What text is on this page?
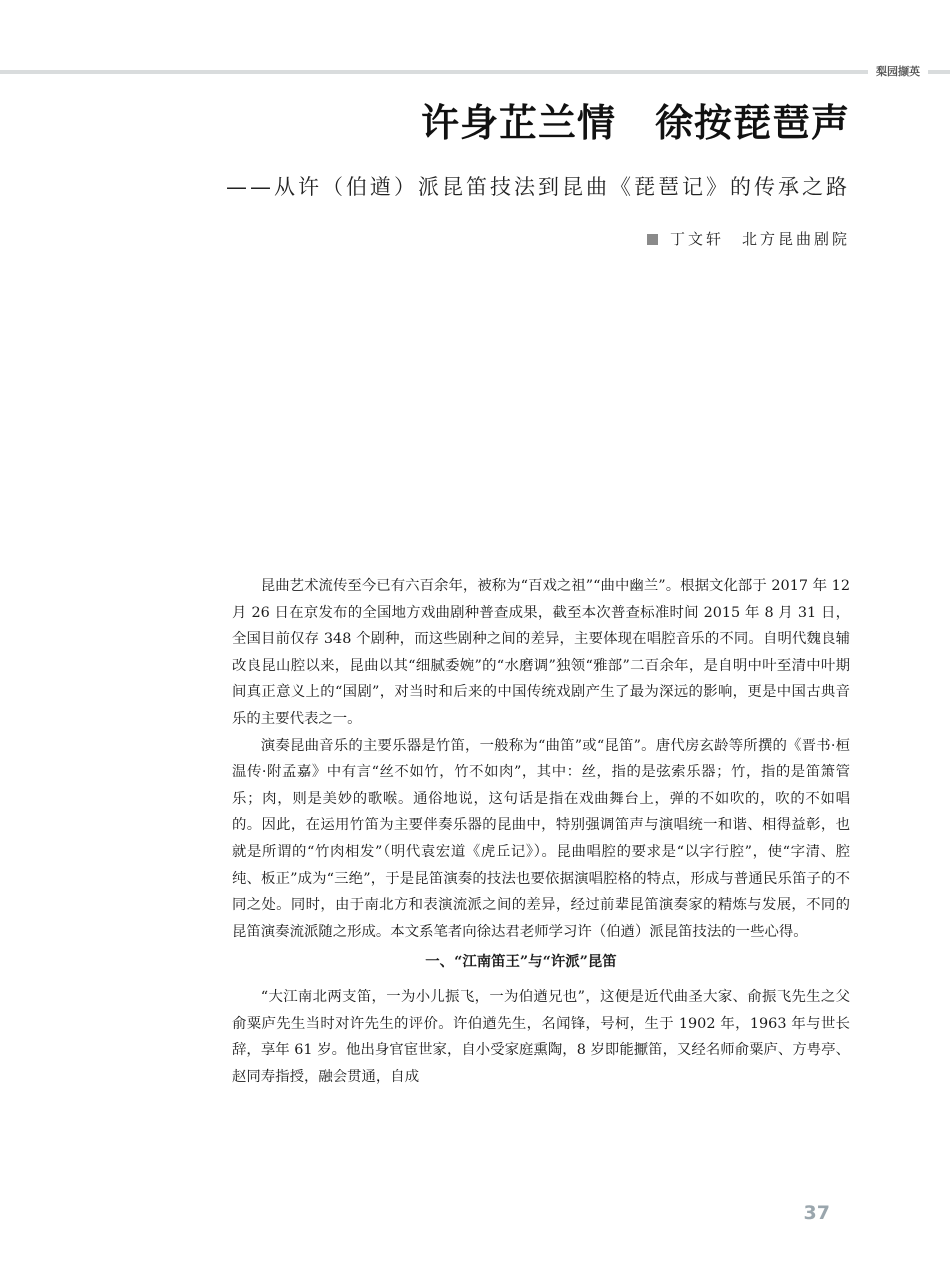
梨园撷英
许身芷兰情　徐按琵琶声
——从许（伯遒）派昆笛技法到昆曲《琵琶记》的传承之路
丁文轩　北方昆曲剧院

昆曲艺术流传至今已有六百余年，被称为“百戏之祖”“曲中幽兰”。根据文化部于 2017 年 12 月 26 日在京发布的全国地方戏曲剧种普查成果，截至本次普查标准时间 2015 年 8 月 31 日，全国目前仅存 348 个剧种，而这些剧种之间的差异，主要体现在唱腔音乐的不同。自明代魏良辅改良昆山腔以来，昆曲以其“细腻委婉”的“水磨调”独领“雅部”二百余年，是自明中叶至清中叶期间真正意义上的“国剧”，对当时和后来的中国传统戏剧产生了最为深远的影响，更是中国古典音乐的主要代表之一。

演奏昆曲音乐的主要乐器是竹笛，一般称为“曲笛”或“昆笛”。唐代房玄龄等所撰的《晋书·桓温传·附孟嘉》中有言“丝不如竹，竹不如肉”，其中：丝，指的是弦索乐器；竹，指的是笛箫管乐；肉，则是美妙的歌喉。通俗地说，这句话是指在戏曲舞台上，弹的不如吹的，吹的不如唱的。因此，在运用竹笛为主要伴奏乐器的昆曲中，特别强调笛声与演唱统一和谐、相得益彰，也就是所谓的“竹肉相发”（明代袁宏道《虎丘记》）。昆曲唱腔的要求是“以字行腔”，使“字清、腔纯、板正”成为“三绝”，于是昆笛演奏的技法也要依据演唱腔格的特点，形成与普通民乐笛子的不同之处。同时，由于南北方和表演流派之间的差异，经过前辈昆笛演奏家的精炼与发展，不同的昆笛演奏流派随之形成。本文系笔者向徐达君老师学习许（伯遒）派昆笛技法的一些心得。

一、“江南笛王”与“许派”昆笛

“大江南北两支笛，一为小儿振飞，一为伯遒兄也”，这便是近代曲圣大家、俞振飞先生之父俞粟庐先生当时对许先生的评价。许伯遒先生，名闻锋，号柯，生于 1902 年，1963 年与世长辞，享年 61 岁。他出身官宦世家，自小受家庭熏陶，8 岁即能擫笛，又经名师俞粟庐、方甹亭、赵同寿指授，融会贯通，自成

37
